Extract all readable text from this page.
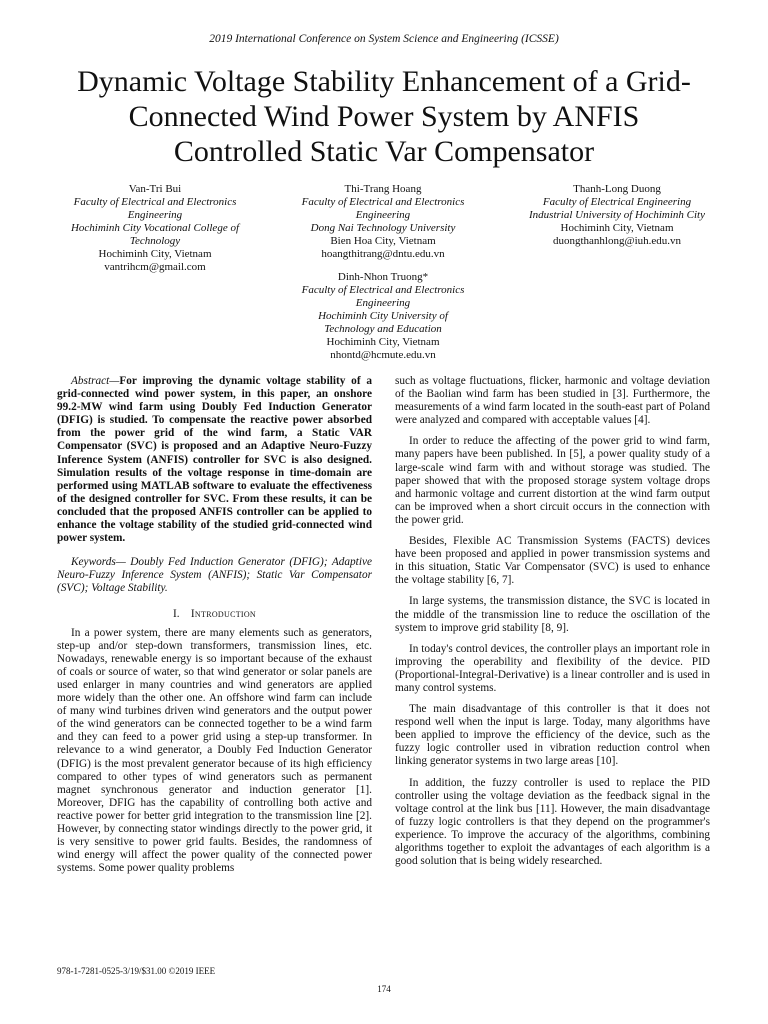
2019 International Conference on System Science and Engineering (ICSSE)
Dynamic Voltage Stability Enhancement of a Grid-
Connected Wind Power System by ANFIS
Controlled Static Var Compensator
Van-Tri Bui
Faculty of Electrical and Electronics
Engineering
Hochiminh City Vocational College of
Technology
Hochiminh City, Vietnam
vantrihcm@gmail.com
Thi-Trang Hoang
Faculty of Electrical and Electronics
Engineering
Dong Nai Technology University
Bien Hoa City, Vietnam
hoangthitrang@dntu.edu.vn
Thanh-Long Duong
Faculty of Electrical Engineering
Industrial University of Hochiminh City
Hochiminh City, Vietnam
duongthanhlong@iuh.edu.vn
Dinh-Nhon Truong*
Faculty of Electrical and Electronics
Engineering
Hochiminh City University of
Technology and Education
Hochiminh City, Vietnam
nhontd@hcmute.edu.vn

Abstract—For improving the dynamic voltage stability of a grid-connected wind power system, in this paper, an onshore 99.2-MW wind farm using Doubly Fed Induction Generator (DFIG) is studied. To compensate the reactive power absorbed from the power grid of the wind farm, a Static VAR Compensator (SVC) is proposed and an Adaptive Neuro-Fuzzy Inference System (ANFIS) controller for SVC is also designed. Simulation results of the voltage response in time-domain are performed using MATLAB software to evaluate the effectiveness of the designed controller for SVC. From these results, it can be concluded that the proposed ANFIS controller can be applied to enhance the voltage stability of the studied grid-connected wind power system.

Keywords— Doubly Fed Induction Generator (DFIG); Adaptive Neuro-Fuzzy Inference System (ANFIS); Static Var Compensator (SVC); Voltage Stability.

I. Introduction

In a power system, there are many elements such as generators, step-up and/or step-down transformers, transmission lines, etc. Nowadays, renewable energy is so important because of the exhaust of coals or source of water, so that wind generator or solar panels are used enlarger in many countries and wind generators are applied more widely than the other one. An offshore wind farm can include of many wind turbines driven wind generators and the output power of the wind generators can be connected together to be a wind farm and they can feed to a power grid using a step-up transformer. In relevance to a wind generator, a Doubly Fed Induction Generator (DFIG) is the most prevalent generator because of its high efficiency compared to other types of wind generators such as permanent magnet synchronous generator and induction generator [1]. Moreover, DFIG has the capability of controlling both active and reactive power for better grid integration to the transmission line [2]. However, by connecting stator windings directly to the power grid, it is very sensitive to power grid faults. Besides, the randomness of wind energy will affect the power quality of the connected power systems. Some power quality problems

such as voltage fluctuations, flicker, harmonic and voltage deviation of the Baolian wind farm has been studied in [3]. Furthermore, the measurements of a wind farm located in the south-east part of Poland were analyzed and compared with acceptable values [4].

In order to reduce the affecting of the power grid to wind farm, many papers have been published. In [5], a power quality study of a large-scale wind farm with and without storage was studied. The paper showed that with the proposed storage system voltage drops and harmonic voltage and current distortion at the wind farm output can be improved when a short circuit occurs in the connection with the power grid.

Besides, Flexible AC Transmission Systems (FACTS) devices have been proposed and applied in power transmission systems and in this situation, Static Var Compensator (SVC) is used to enhance the voltage stability [6, 7].

In large systems, the transmission distance, the SVC is located in the middle of the transmission line to reduce the oscillation of the system to improve grid stability [8, 9].

In today's control devices, the controller plays an important role in improving the operability and flexibility of the device. PID (Proportional-Integral-Derivative) is a linear controller and is used in many control systems.

The main disadvantage of this controller is that it does not respond well when the input is large. Today, many algorithms have been applied to improve the efficiency of the device, such as the fuzzy logic controller used in vibration reduction control when linking generator systems in two large areas [10].

In addition, the fuzzy controller is used to replace the PID controller using the voltage deviation as the feedback signal in the voltage control at the link bus [11]. However, the main disadvantage of fuzzy logic controllers is that they depend on the programmer's experience. To improve the accuracy of the algorithms, combining algorithms together to exploit the advantages of each algorithm is a good solution that is being widely researched.

978-1-7281-0525-3/19/$31.00 ©2019 IEEE
174
